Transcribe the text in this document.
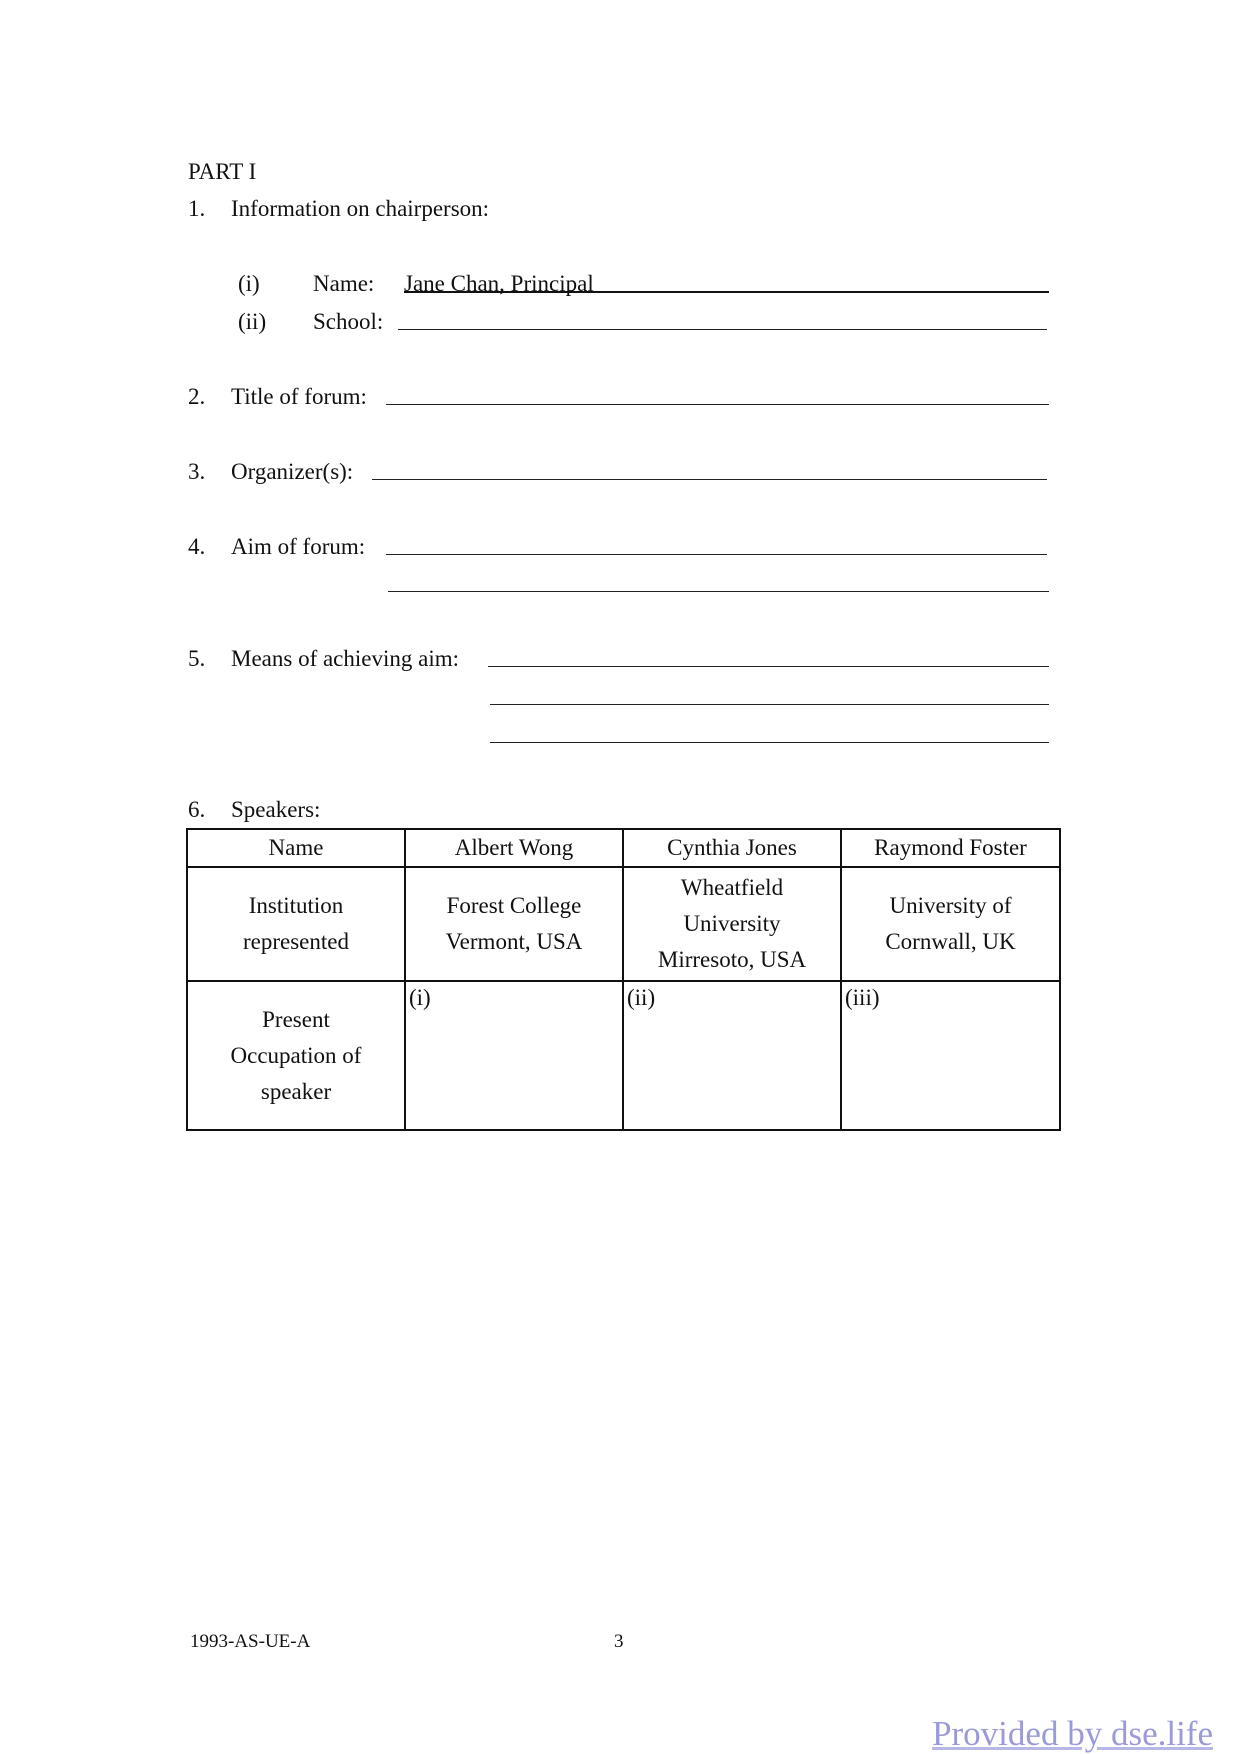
PART I
1. Information on chairperson:
(i) Name: Jane Chan, Principal
(ii) School:
2. Title of forum:
3. Organizer(s):
4. Aim of forum:
5. Means of achieving aim:
6. Speakers:
Name	Albert Wong	Cynthia Jones	Raymond Foster

Institution
represented	Forest College
Vermont, USA	Wheatfield
University
Mirresoto, USA	University of
Cornwall, UK

Present
Occupation of
speaker	(i)	(ii)	(iii)
1993-AS-UE-A	3
Provided by dse.life
